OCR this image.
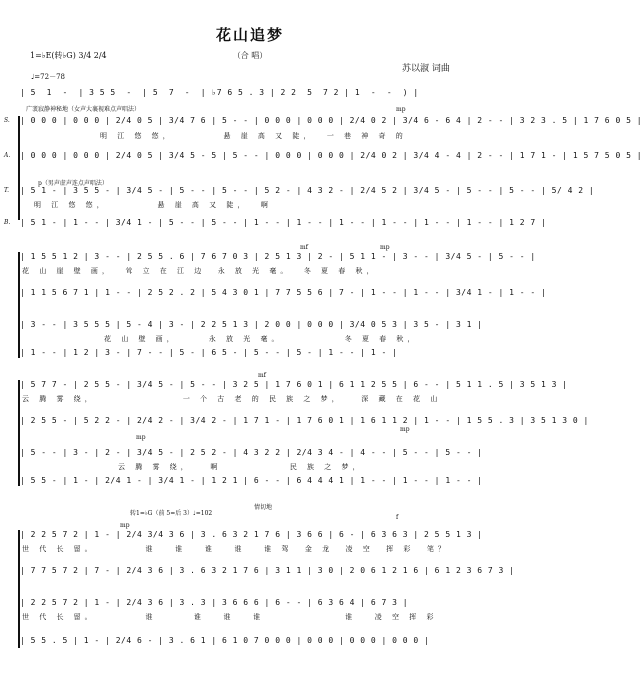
花山追梦
（合 唱）
苏以淑 词曲
1=♭E(转♭G) 3/4 2/4
♩=72－78
| 5  1  -  | 3 5 5  -  | 5  7  -  | ♭7 6 5 . 3 | 2 2  5  7 2 | 1  -  -  ) |
广袤寂静神秘地（女声大襄视难点声唱法）
p（男声虚声连点声唱法）
mp
S. | 0 0 0 | 0 0 0 | 2/4 0 5 | 3/4 7 6 | 5 - - | 0 0 0 | 0 0 0 | 2/4 0 2 | 3/4 6 - 6 4 | 2 - - | 3 2 3 . 5 | 1 7 6 0 5 |
明 江 悠 悠，        悬 崖 高 又 陡，  一 巷 神 奇 的
A. | 0 0 0 | 0 0 0 | 2/4 0 5 | 3/4 5 - 5 | 5 - - | 0 0 0 | 0 0 0 | 2/4 0 2 | 3/4 4 - 4 | 2 - - | 1 7 1 - | 1 5 7 5 0 5 |
T. | 5 1 - | 3 5 5 - | 3/4 5 - | 5 - - | 5 - - | 5 2 - | 4 3 2 - | 2/4 5 2 | 3/4 5 - | 5 - - | 5 - - | 5/ 4 2 |
明 江 悠 悠，        悬 崖 高 又 陡，  啊
B. | 5 1 - | 1 - - | 3/4 1 - | 5 - - | 5 - - | 1 - - | 1 - - | 1 - - | 1 - - | 1 - - | 1 - - | 1 2 7 |
mp
mf
| 1 5 5 1 2 | 3 - - | 2 5 5 . 6 | 7 6 7 0 3 | 2 5 1 3 | 2 - | 5 1 1 - | 3 - - | 3/4 5 - | 5 - - |
花 山 崖 壁 画，  耸 立 在 江 边  永 放 光 毫。  冬 夏 春 秋，
| 1 1 5 6 7 1 | 1 - - | 2 5 2 . 2 | 5 4 3 0 1 | 7 7 5 5 6 | 7 - | 1 - - | 1 - - | 3/4 1 - | 1 - - |
| 3 - - | 3 5 5 5 | 5 - 4 | 3 - | 2 2 5 1 3 | 2 0 0 | 0 0 0 | 3/4 0 5 3 | 3 5 - | 3 1 |
花 山 壁 画，     永 放 光 毫。          冬 夏 春 秋，
| 1 - - | 1 2 | 3 - | 7 - - | 5 - | 6 5 - | 5 - - | 5 - | 1 - - | 1 - |
mf
mp
mp
| 5 7 7 - | 2 5 5 - | 3/4 5 - | 5 - - | 3 2 5 | 1 7 6 0 1 | 6 1 1 2 5 5 | 6 - - | 5 1 1 . 5 | 3 5 1 3 |
云 腾 雾 绕，              一 个 古 老 的 民 族 之 梦，   深 藏 在 花 山
| 2 5 5 - | 5 2 2 - | 2/4 2 - | 3/4 2 - | 1 7 1 - | 1 7 6 0 1 | 1 6 1 1 2 | 1 - - | 1 5 5 . 3 | 3 5 1 3 0 |
| 5 - - | 3 - | 2 - | 3/4 5 - | 2 5 2 - | 4 3 2 2 | 2/4 3 4 - | 4 - - | 5 - - | 5 - - |
云 腾 雾 绕，   啊           民 族 之 梦，
| 5 5 - | 1 - | 2/4 1 - | 3/4 1 - | 1 2 1 | 6 - - | 6 4 4 4 1 | 1 - - | 1 - - | 1 - - |
转1=♭G（前 5=后 3）♩=102
情切地
mp
f
| 2 2 5 7 2 | 1 - | 2/4 3/4 3 6 | 3 . 6 3 2 1 7 6 | 3 6 6 | 6 - | 6 3 6 3 | 2 5 5 1 3 |
世 代 长 留。        谁   谁   谁   谁   谁 驾  金 龙  凌 空  挥 彩  笔？
| 7 7 5 7 2 | 7 - | 2/4 3 6 | 3 . 6 3 2 1 7 6 | 3 1 1 | 3 0 | 2 0 6 1 2 1 6 | 6 1 2 3 6 7 3 |
| 2 2 5 7 2 | 1 - | 2/4 3 6 | 3 . 3 | 3 6 6 6 | 6 - - | 6 3 6 4 | 6 7 3 |
世 代 长 留。        谁      谁   谁   谁             谁   凌 空 挥 彩
| 5 5 . 5 | 1 - | 2/4 6 - | 3 . 6 1 | 6 1 0 7 0 0 0 | 0 0 0 | 0 0 0 | 0 0 0 |
